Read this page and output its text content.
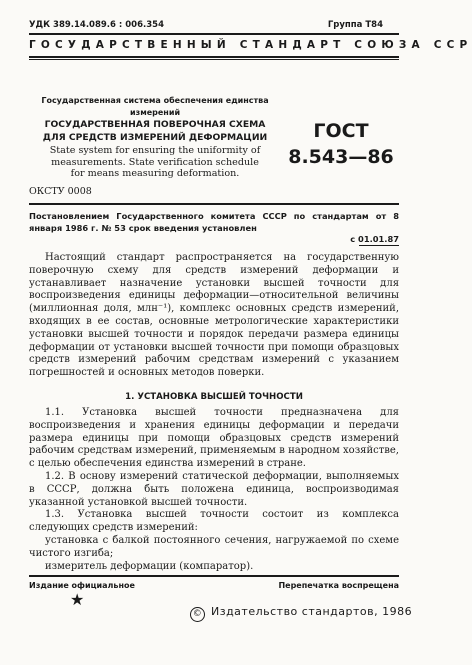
УДК 389.14.089.6 : 006.354	Группа Т84
ГОСУДАРСТВЕННЫЙ СТАНДАРТ СОЮЗА ССР
Государственная система обеспечения единства
измерений
ГОСУДАРСТВЕННАЯ ПОВЕРОЧНАЯ СХЕМА
ДЛЯ СРЕДСТВ ИЗМЕРЕНИЙ ДЕФОРМАЦИИ
State system for ensuring the uniformity of
measurements. State verification schedule
for means measuring deformation.
ГОСТ
8.543—86
ОКСТУ 0008
Постановлением Государственного комитета СССР по стандартам от 8 января 1986 г. № 53 срок введения установлен
с 01.01.87

Настоящий стандарт распространяется на государственную поверочную схему для средств измерений деформации и устанавливает назначение установки высшей точности для воспроизведения единицы деформации—относительной величины (миллионная доля, млн⁻¹), комплекс основных средств измерений, входящих в ее состав, основные метрологические характеристики установки высшей точности и порядок передачи размера единицы деформации от установки высшей точности при помощи образцовых средств измерений рабочим средствам измерений с указанием погрешностей и основных методов поверки.

1. УСТАНОВКА ВЫСШЕЙ ТОЧНОСТИ

1.1. Установка высшей точности предназначена для воспроизведения и хранения единицы деформации и передачи размера единицы при помощи образцовых средств измерений рабочим средствам измерений, применяемым в народном хозяйстве, с целью обеспечения единства измерений в стране.

1.2. В основу измерений статической деформации, выполняемых в СССР, должна быть положена единица, воспроизводимая указанной установкой высшей точности.

1.3. Установка высшей точности состоит из комплекса следующих средств измерений:

установка с балкой постоянного сечения, нагружаемой по схеме чистого изгиба;

измеритель деформации (компаратор).

Издание официальное	Перепечатка воспрещена
★
© Издательство стандартов, 1986
